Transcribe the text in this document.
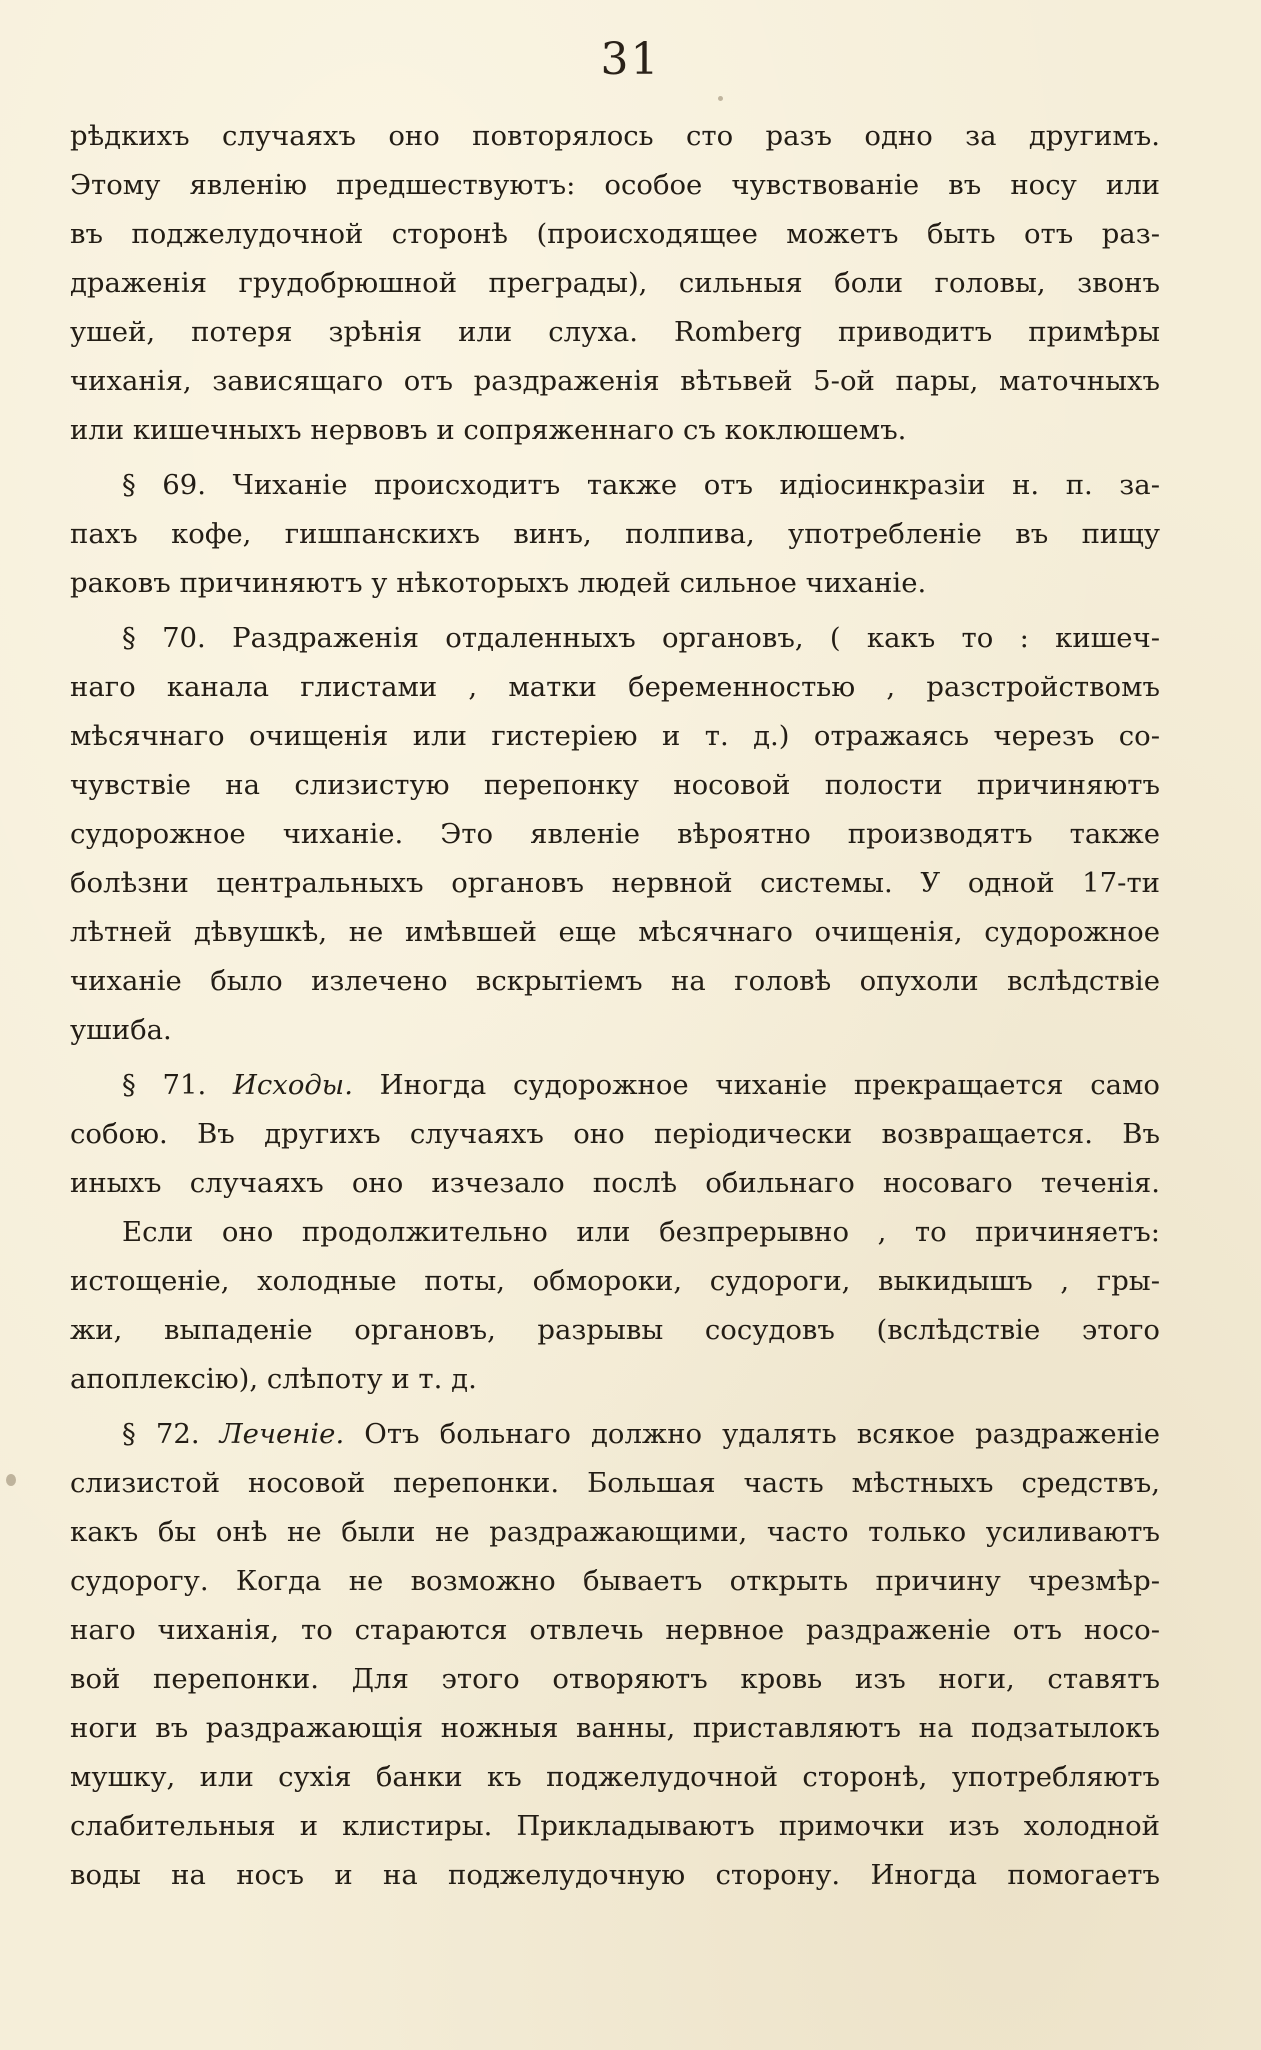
31

рѣдкихъ случаяхъ оно повторялось сто разъ одно за другимъ.
Этому явленію предшествуютъ: особое чувствованіе въ носу или
въ поджелудочной сторонѣ (происходящее можетъ быть отъ раз-
драженія грудобрюшной преграды), сильныя боли головы, звонъ
ушей, потеря зрѣнія или слуха. Romberg приводитъ примѣры
чиханія, зависящаго отъ раздраженія вѣтьвей 5-ой пары, маточныхъ
или кишечныхъ нервовъ и сопряженнаго съ коклюшемъ.

§ 69. Чиханіе происходитъ также отъ идіосинкразіи н. п. за-
пахъ кофе, гишпанскихъ винъ, полпива, употребленіе въ пищу
раковъ причиняютъ у нѣкоторыхъ людей сильное чиханіе.

§ 70. Раздраженія отдаленныхъ органовъ, ( какъ то : кишеч-
наго канала глистами , матки беременностью , разстройствомъ
мѣсячнаго очищенія или гистеріею и т. д.) отражаясь черезъ со-
чувствіе на слизистую перепонку носовой полости причиняютъ
судорожное чиханіе. Это явленіе вѣроятно производятъ также
болѣзни центральныхъ органовъ нервной системы. У одной 17-ти
лѣтней дѣвушкѣ, не имѣвшей еще мѣсячнаго очищенія, судорожное
чиханіе было излечено вскрытіемъ на головѣ опухоли вслѣдствіе
ушиба.

§ 71. Исходы. Иногда судорожное чиханіе прекращается само
собою. Въ другихъ случаяхъ оно періодически возвращается. Въ
иныхъ случаяхъ оно изчезало послѣ обильнаго носоваго теченія.

Если оно продолжительно или безпрерывно , то причиняетъ:
истощеніе, холодные поты, обмороки, судороги, выкидышъ , гры-
жи, выпаденіе органовъ, разрывы сосудовъ (вслѣдствіе этого
апоплексію), слѣпоту и т. д.

§ 72. Леченіе. Отъ больнаго должно удалять всякое раздраженіе
слизистой носовой перепонки. Большая часть мѣстныхъ средствъ,
какъ бы онѣ не были не раздражающими, часто только усиливаютъ
судорогу. Когда не возможно бываетъ открыть причину чрезмѣр-
наго чиханія, то стараются отвлечь нервное раздраженіе отъ носо-
вой перепонки. Для этого отворяютъ кровь изъ ноги, ставятъ
ноги въ раздражающія ножныя ванны, приставляютъ на подзатылокъ
мушку, или сухія банки къ поджелудочной сторонѣ, употребляютъ
слабительныя и клистиры. Прикладываютъ примочки изъ холодной
воды на носъ и на поджелудочную сторону. Иногда помогаетъ
